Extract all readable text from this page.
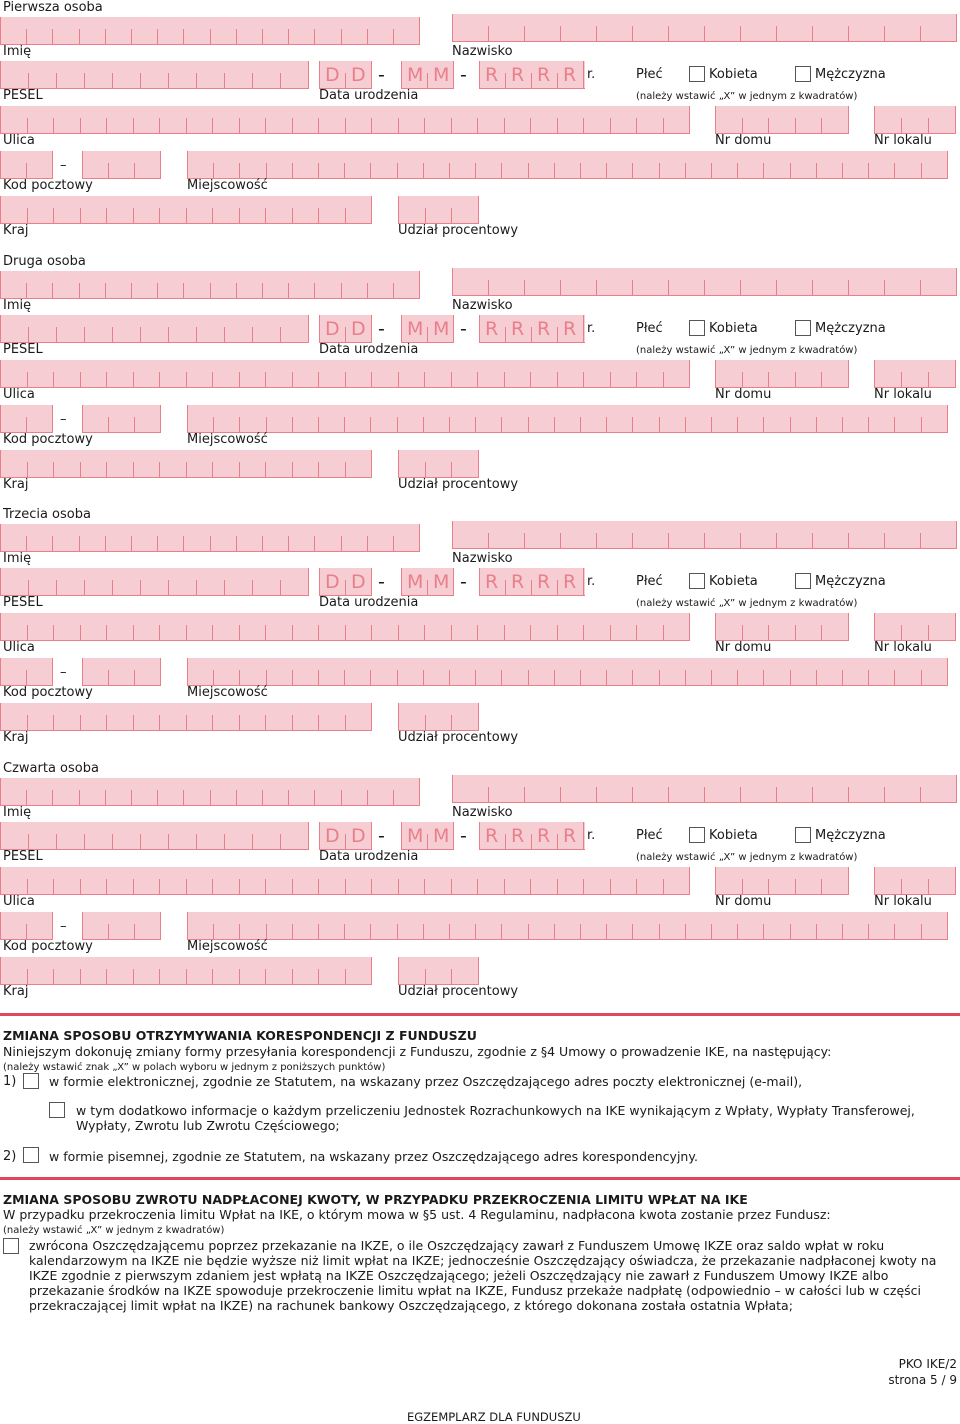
Pierwsza osoba
Imię	Nazwisko
D D - M M - R R R R r.	Płeć	Kobieta	Mężczyzna
PESEL	Data urodzenia	(należy wstawić „X” w jednym z kwadratów)
Ulica	Nr domu	Nr lokalu
–
Kod pocztowy	Miejscowość
Kraj	Udział procentowy
Druga osoba
Imię	Nazwisko
D D - M M - R R R R r.	Płeć	Kobieta	Mężczyzna
PESEL	Data urodzenia	(należy wstawić „X” w jednym z kwadratów)
Ulica	Nr domu	Nr lokalu
–
Kod pocztowy	Miejscowość
Kraj	Udział procentowy
Trzecia osoba
Imię	Nazwisko
D D - M M - R R R R r.	Płeć	Kobieta	Mężczyzna
PESEL	Data urodzenia	(należy wstawić „X” w jednym z kwadratów)
Ulica	Nr domu	Nr lokalu
–
Kod pocztowy	Miejscowość
Kraj	Udział procentowy
Czwarta osoba
Imię	Nazwisko
D D - M M - R R R R r.	Płeć	Kobieta	Mężczyzna
PESEL	Data urodzenia	(należy wstawić „X” w jednym z kwadratów)
Ulica	Nr domu	Nr lokalu
–
Kod pocztowy	Miejscowość
Kraj	Udział procentowy
ZMIANA SPOSOBU OTRZYMYWANIA KORESPONDENCJI Z FUNDUSZU
Niniejszym dokonuję zmiany formy przesyłania korespondencji z Funduszu, zgodnie z §4 Umowy o prowadzenie IKE, na następujący:
(należy wstawić znak „X” w polach wyboru w jednym z poniższych punktów)
1)	w formie elektronicznej, zgodnie ze Statutem, na wskazany przez Oszczędzającego adres poczty elektronicznej (e-mail),
w tym dodatkowo informacje o każdym przeliczeniu Jednostek Rozrachunkowych na IKE wynikającym z Wpłaty, Wypłaty Transferowej, Wypłaty, Zwrotu lub Zwrotu Częściowego;
2)	w formie pisemnej, zgodnie ze Statutem, na wskazany przez Oszczędzającego adres korespondencyjny.
ZMIANA SPOSOBU ZWROTU NADPŁACONEJ KWOTY, W PRZYPADKU PRZEKROCZENIA LIMITU WPŁAT NA IKE
W przypadku przekroczenia limitu Wpłat na IKE, o którym mowa w §5 ust. 4 Regulaminu, nadpłacona kwota zostanie przez Fundusz:
(należy wstawić „X” w jednym z kwadratów)
zwrócona Oszczędzającemu poprzez przekazanie na IKZE, o ile Oszczędzający zawarł z Funduszem Umowę IKZE oraz saldo wpłat w roku kalendarzowym na IKZE nie będzie wyższe niż limit wpłat na IKZE; jednocześnie Oszczędzający oświadcza, że przekazanie nadpłaconej kwoty na IKZE zgodnie z pierwszym zdaniem jest wpłatą na IKZE Oszczędzającego; jeżeli Oszczędzający nie zawarł z Funduszem Umowy IKZE albo przekazanie środków na IKZE spowoduje przekroczenie limitu wpłat na IKZE, Fundusz przekaże nadpłatę (odpowiednio – w całości lub w części przekraczającej limit wpłat na IKZE) na rachunek bankowy Oszczędzającego, z którego dokonana została ostatnia Wpłata;
PKO IKE/2
strona 5 / 9
EGZEMPLARZ DLA FUNDUSZU
